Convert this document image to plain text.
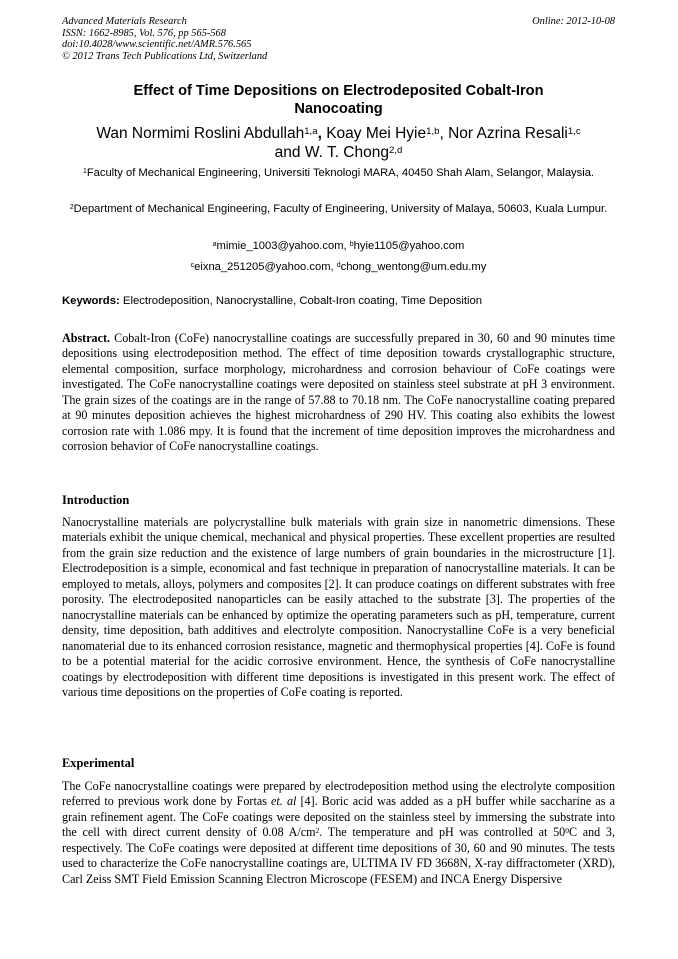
Advanced Materials Research
ISSN: 1662-8985, Vol. 576, pp 565-568
doi:10.4028/www.scientific.net/AMR.576.565
© 2012 Trans Tech Publications Ltd, Switzerland
Online: 2012-10-08
Effect of Time Depositions on Electrodeposited Cobalt-Iron
Nanocoating
Wan Normimi Roslini Abdullah$^{1,a}$, Koay Mei Hyie$^{1,b}$, Nor Azrina Resali$^{1,c}$
and W. T. Chong$^{2,d}$
$^1$Faculty of Mechanical Engineering, Universiti Teknologi MARA, 40450 Shah Alam, Selangor, Malaysia.
$^2$Department of Mechanical Engineering, Faculty of Engineering, University of Malaya, 50603, Kuala Lumpur.
$^a$mimie_1003@yahoo.com, $^b$hyie1105@yahoo.com
$^c$eixna_251205@yahoo.com, $^d$chong_wentong@um.edu.my
Keywords: Electrodeposition, Nanocrystalline, Cobalt-Iron coating, Time Deposition
Abstract. Cobalt-Iron (CoFe) nanocrystalline coatings are successfully prepared in 30, 60 and 90 minutes time depositions using electrodeposition method. The effect of time deposition towards crystallographic structure, elemental composition, surface morphology, microhardness and corrosion behaviour of CoFe coatings were investigated. The CoFe nanocrystalline coatings were deposited on stainless steel substrate at pH 3 environment. The grain sizes of the coatings are in the range of 57.88 to 70.18 nm. The CoFe nanocrystalline coating prepared at 90 minutes deposition achieves the highest microhardness of 290 HV. This coating also exhibits the lowest corrosion rate with 1.086 mpy. It is found that the increment of time deposition improves the microhardness and corrosion behavior of CoFe nanocrystalline coatings.
Introduction
Nanocrystalline materials are polycrystalline bulk materials with grain size in nanometric dimensions. These materials exhibit the unique chemical, mechanical and physical properties. These excellent properties are resulted from the grain size reduction and the existence of large numbers of grain boundaries in the microstructure [1]. Electrodeposition is a simple, economical and fast technique in preparation of nanocrystalline materials. It can be employed to metals, alloys, polymers and composites [2]. It can produce coatings on different substrates with free porosity. The electrodeposited nanoparticles can be easily attached to the substrate [3]. The properties of the nanocrystalline materials can be enhanced by optimize the operating parameters such as pH, temperature, current density, time deposition, bath additives and electrolyte composition. Nanocrystalline CoFe is a very beneficial nanomaterial due to its enhanced corrosion resistance, magnetic and thermophysical properties [4]. CoFe is found to be a potential material for the acidic corrosive environment. Hence, the synthesis of CoFe nanocrystalline coatings by electrodeposition with different time depositions is investigated in this present work. The effect of various time depositions on the properties of CoFe coating is reported.
Experimental
The CoFe nanocrystalline coatings were prepared by electrodeposition method using the electrolyte composition referred to previous work done by Fortas et. al [4]. Boric acid was added as a pH buffer while saccharine as a grain refinement agent. The CoFe coatings were deposited on the stainless steel by immersing the substrate into the cell with direct current density of 0.08 $A/cm^2$. The temperature and pH was controlled at $50^0C$ and 3, respectively. The CoFe coatings were deposited at different time depositions of 30, 60 and 90 minutes. The tests used to characterize the CoFe nanocrystalline coatings are, ULTIMA IV FD 3668N, X-ray diffractometer (XRD), Carl Zeiss SMT Field Emission Scanning Electron Microscope (FESEM) and INCA Energy Dispersive
